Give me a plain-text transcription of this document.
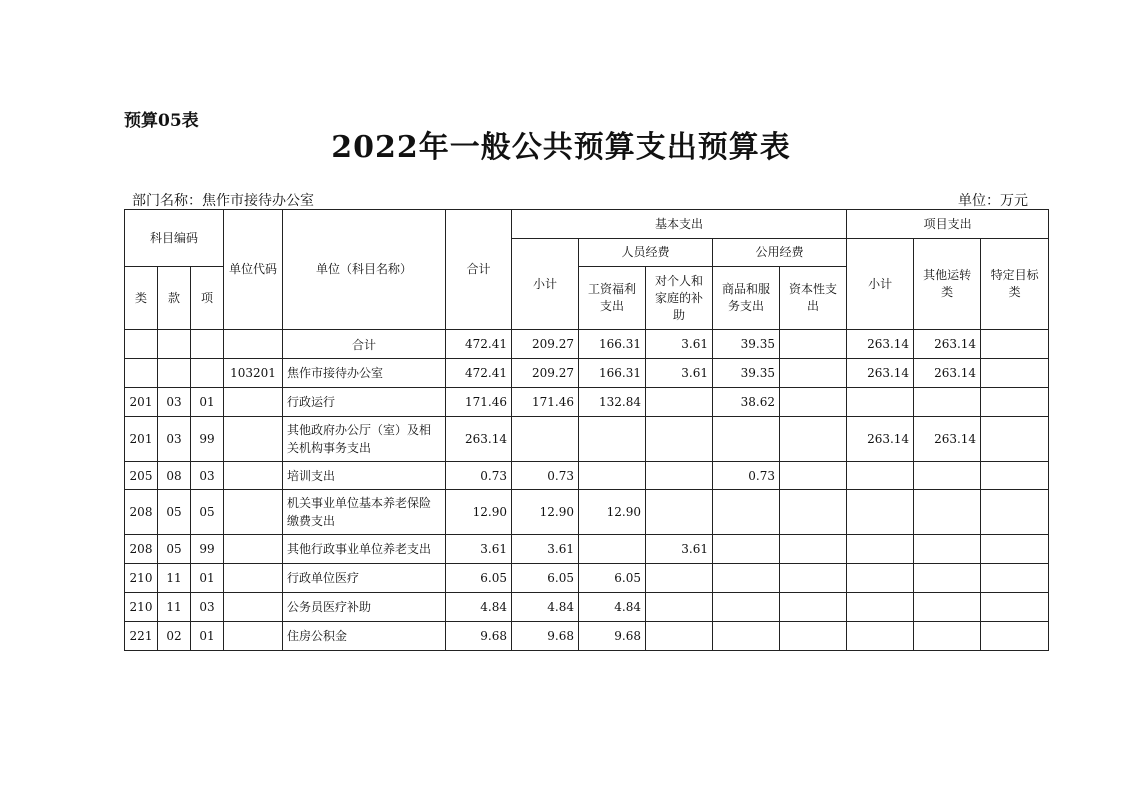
预算05表
2022年一般公共预算支出预算表
部门名称：焦作市接待办公室	单位：万元
科目编码			单位代码	单位（科目名称）	合计	基本支出					项目支出		
						小计	人员经费		公用经费		小计	其他运转类	特定目标类
类	款	项					工资福利支出	对个人和家庭的补助	商品和服务支出	资本性支出			
				合计	472.41	209.27	166.31	3.61	39.35		263.14	263.14	
			103201	焦作市接待办公室	472.41	209.27	166.31	3.61	39.35		263.14	263.14	
201	03	01		行政运行	171.46	171.46	132.84		38.62				
201	03	99		其他政府办公厅（室）及相关机构事务支出	263.14						263.14	263.14	
205	08	03		培训支出	0.73	0.73			0.73				
208	05	05		机关事业单位基本养老保险缴费支出	12.90	12.90	12.90						
208	05	99		其他行政事业单位养老支出	3.61	3.61		3.61					
210	11	01		行政单位医疗	6.05	6.05	6.05						
210	11	03		公务员医疗补助	4.84	4.84	4.84						
221	02	01		住房公积金	9.68	9.68	9.68						
